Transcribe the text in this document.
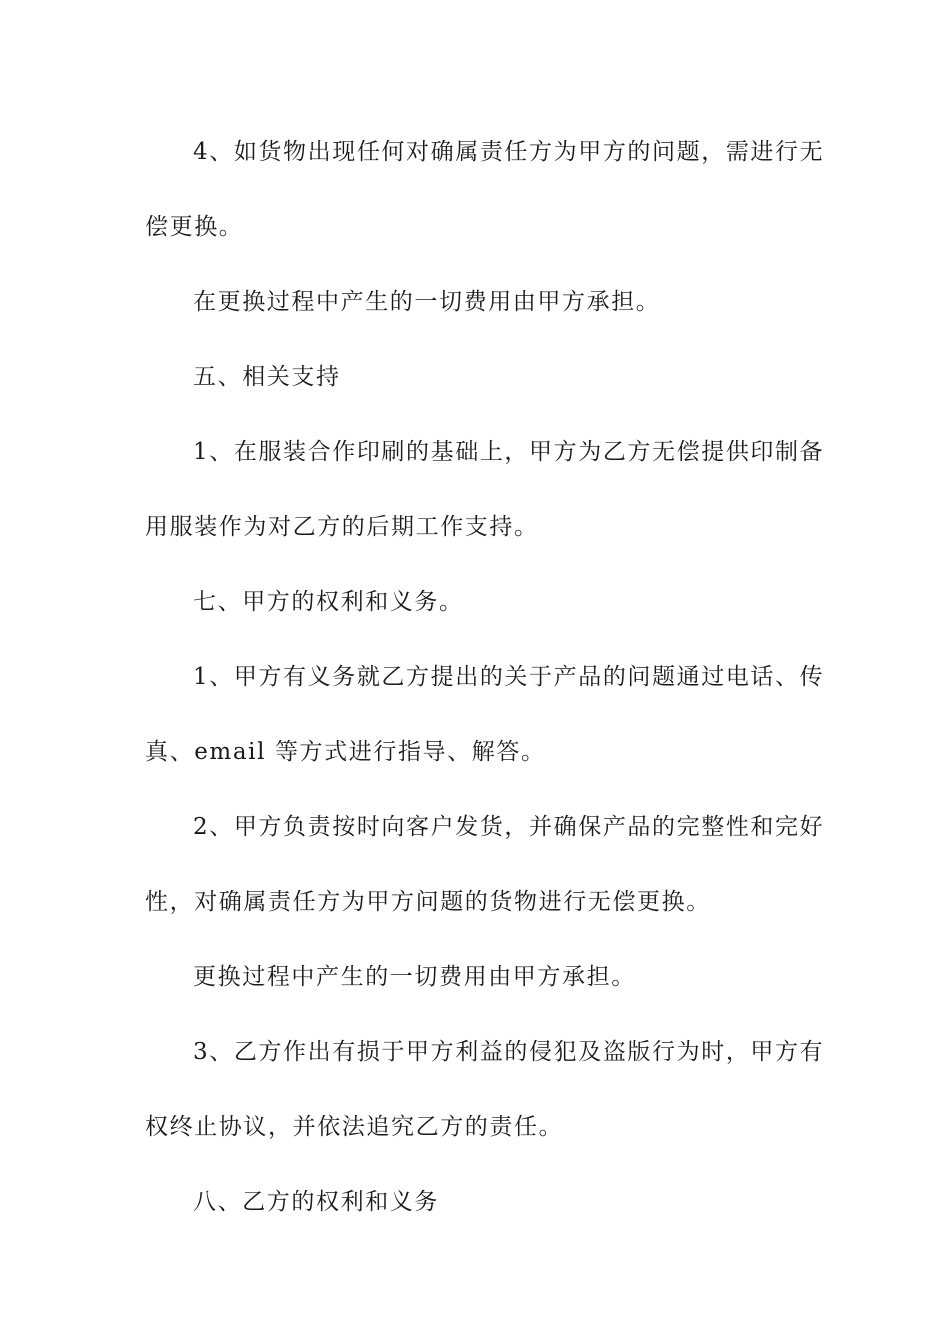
4、如货物出现任何对确属责任方为甲方的问题，需进行无
偿更换。
在更换过程中产生的一切费用由甲方承担。
五、相关支持
1、在服装合作印刷的基础上，甲方为乙方无偿提供印制备
用服装作为对乙方的后期工作支持。
七、甲方的权利和义务。
1、甲方有义务就乙方提出的关于产品的问题通过电话、传
真、email 等方式进行指导、解答。
2、甲方负责按时向客户发货，并确保产品的完整性和完好
性，对确属责任方为甲方问题的货物进行无偿更换。
更换过程中产生的一切费用由甲方承担。
3、乙方作出有损于甲方利益的侵犯及盗版行为时，甲方有
权终止协议，并依法追究乙方的责任。
八、乙方的权利和义务
